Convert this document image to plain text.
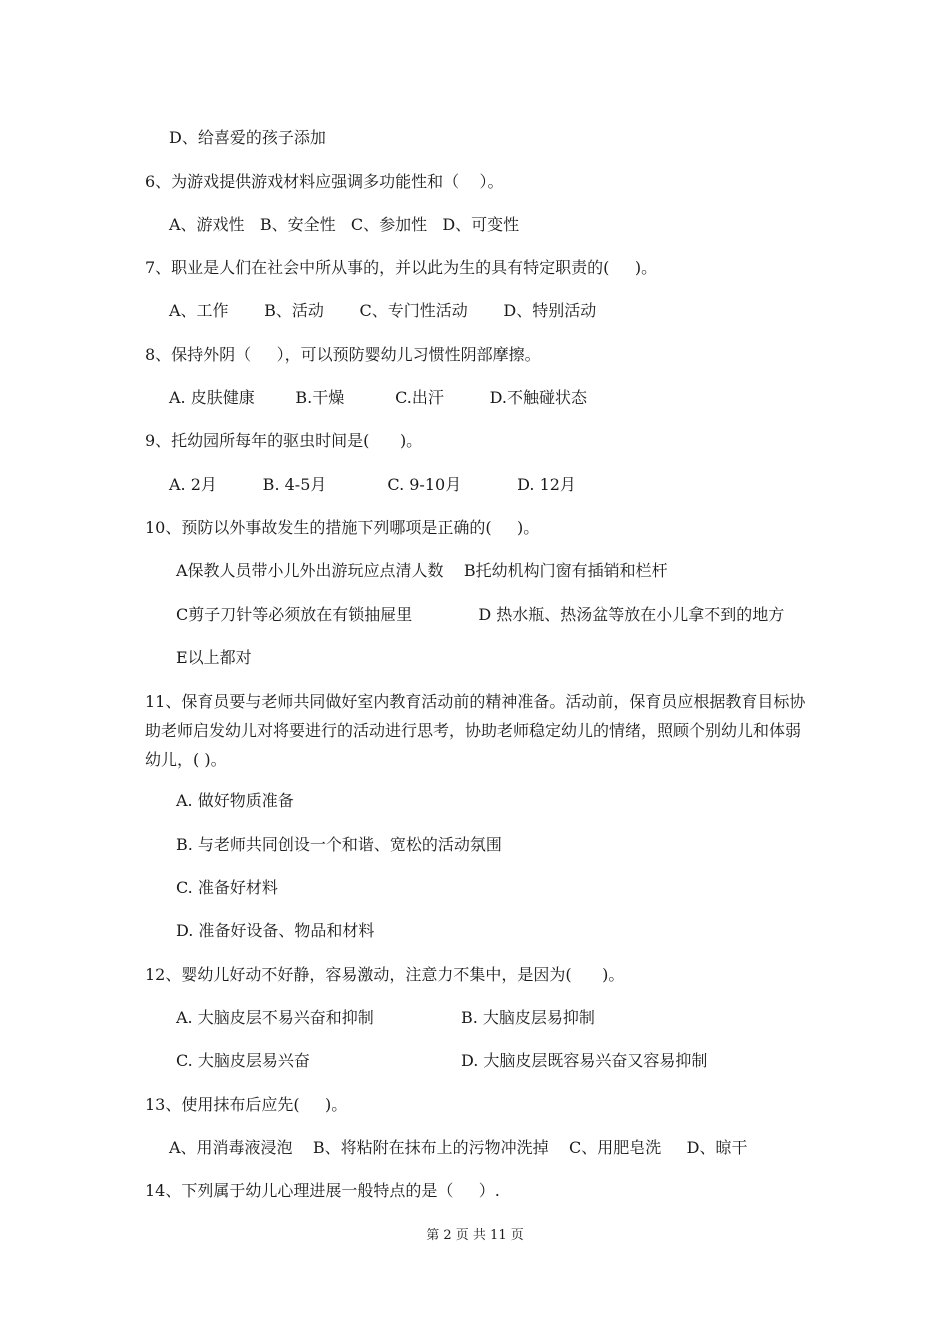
D、给喜爱的孩子添加
6、为游戏提供游戏材料应强调多功能性和（    ）。
A、游戏性   B、安全性   C、参加性   D、可变性
7、职业是人们在社会中所从事的，并以此为生的具有特定职责的(     )。
A、工作       B、活动       C、专门性活动       D、特别活动
8、保持外阴（     ），可以预防婴幼儿习惯性阴部摩擦。
A. 皮肤健康        B.干燥          C.出汗         D.不触碰状态
9、托幼园所每年的驱虫时间是(      )。
A. 2月         B. 4-5月            C. 9-10月           D. 12月
10、预防以外事故发生的措施下列哪项是正确的(     )。
A保教人员带小儿外出游玩应点清人数    B托幼机构门窗有插销和栏杆
C剪子刀针等必须放在有锁抽屉里             D 热水瓶、热汤盆等放在小儿拿不到的地方
E以上都对
11、保育员要与老师共同做好室内教育活动前的精神准备。活动前，保育员应根据教育目标协助老师启发幼儿对将要进行的活动进行思考，协助老师稳定幼儿的情绪，照顾个别幼儿和体弱幼儿，( )。
A. 做好物质准备
B. 与老师共同创设一个和谐、宽松的活动氛围
C. 准备好材料
D. 准备好设备、物品和材料
12、婴幼儿好动不好静，容易激动，注意力不集中，是因为(      )。
A. 大脑皮层不易兴奋和抑制	B. 大脑皮层易抑制
C. 大脑皮层易兴奋	D. 大脑皮层既容易兴奋又容易抑制
13、使用抹布后应先(     )。
A、用消毒液浸泡    B、将粘附在抹布上的污物冲洗掉    C、用肥皂洗     D、晾干
14、下列属于幼儿心理进展一般特点的是（     ）.
第 2 页 共 11 页
